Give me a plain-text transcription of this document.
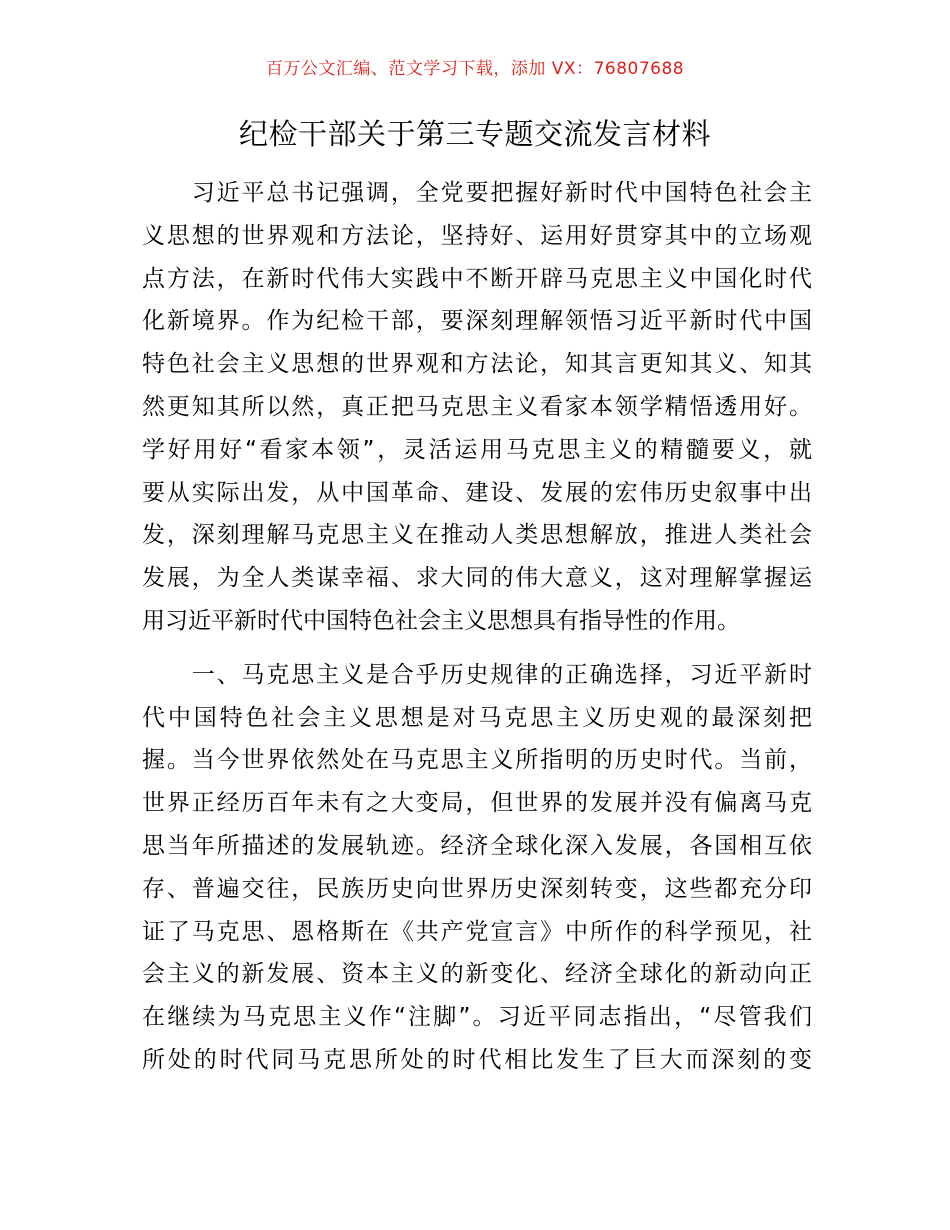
百万公文汇编、范文学习下载，添加 VX：76807688
纪检干部关于第三专题交流发言材料

　　习近平总书记强调，全党要把握好新时代中国特色社会主
义思想的世界观和方法论，坚持好、运用好贯穿其中的立场观
点方法，在新时代伟大实践中不断开辟马克思主义中国化时代
化新境界。作为纪检干部，要深刻理解领悟习近平新时代中国
特色社会主义思想的世界观和方法论，知其言更知其义、知其
然更知其所以然，真正把马克思主义看家本领学精悟透用好。
学好用好“看家本领”，灵活运用马克思主义的精髓要义，就
要从实际出发，从中国革命、建设、发展的宏伟历史叙事中出
发，深刻理解马克思主义在推动人类思想解放，推进人类社会
发展，为全人类谋幸福、求大同的伟大意义，这对理解掌握运
用习近平新时代中国特色社会主义思想具有指导性的作用。

　　一、马克思主义是合乎历史规律的正确选择，习近平新时
代中国特色社会主义思想是对马克思主义历史观的最深刻把
握。当今世界依然处在马克思主义所指明的历史时代。当前，
世界正经历百年未有之大变局，但世界的发展并没有偏离马克
思当年所描述的发展轨迹。经济全球化深入发展，各国相互依
存、普遍交往，民族历史向世界历史深刻转变，这些都充分印
证了马克思、恩格斯在《共产党宣言》中所作的科学预见，社
会主义的新发展、资本主义的新变化、经济全球化的新动向正
在继续为马克思主义作“注脚”。习近平同志指出，“尽管我们
所处的时代同马克思所处的时代相比发生了巨大而深刻的变
